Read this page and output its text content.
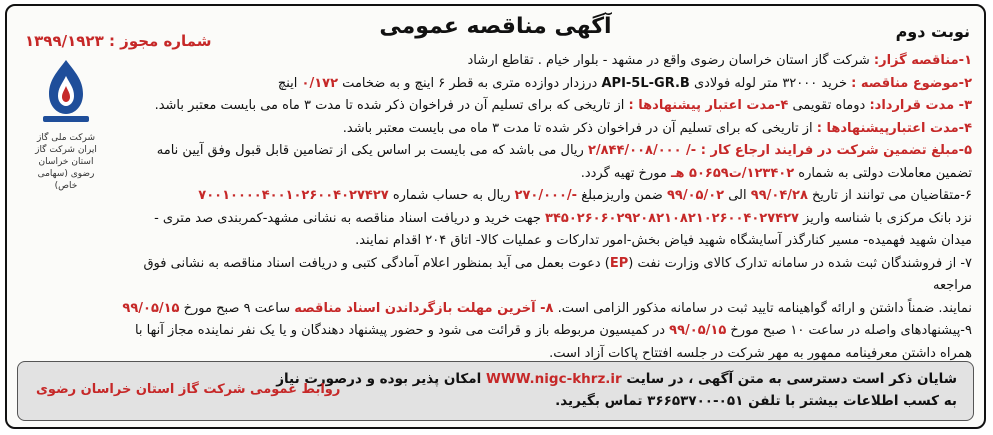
نوبت دوم
آگهی مناقصه عمومی
شماره مجوز : ۱۳۹۹/۱۹۲۳
شرکت ملی گاز ایران شرکت گاز استان خراسان رضوی (سهامی خاص)

۱-مناقصه گزار: شرکت گاز استان خراسان رضوی واقع در مشهد - بلوار خیام . تقاطع ارشاد

۲-موضوع مناقصه : خرید ۳۲۰۰۰ متر لوله فولادی API-5L-GR.B درزدار دوازده متری به قطر ۶ اینچ و به ضخامت ۰/۱۷۲ اینچ

۳- مدت قرارداد: دوماه تقویمی ۴-مدت اعتبار پیشنهادها : از تاریخی که برای تسلیم آن در فراخوان ذکر شده تا مدت ۳ ماه می بایست معتبر باشد.

۴-مدت اعتبارپیشنهادها : از تاریخی که برای تسلیم آن در فراخوان ذکر شده تا مدت ۳ ماه می بایست معتبر باشد.

۵-مبلغ تضمین شرکت در فرایند ارجاع کار : -/ ۲/۸۴۴/۰۰۸/۰۰۰ ریال می باشد که می بایست بر اساس یکی از تضامین قابل قبول وفق آیین نامه

تضمین معاملات دولتی به شماره ۱۲۳۴۰۲/ت۵۰۶۵۹ هـ مورخ تهیه گردد.

۶-متقاضیان می توانند از تاریخ ۹۹/۰۴/۲۸ الی ۹۹/۰۵/۰۲ ضمن واریزمبلغ -/۲۷۰/۰۰۰ ریال به حساب شماره ۷۰۰۱۰۰۰۰۴۰۰۱۰۲۶۰۰۴۰۲۷۴۲۷

نزد بانک مرکزی با شناسه واریز ۳۴۵۰۲۶۰۶۰۲۹۲۰۸۲۱۰۸۲۱۰۲۶۰۰۴۰۲۷۴۲۷ جهت خرید و دریافت اسناد مناقصه به نشانی مشهد-کمربندی صد متری -

میدان شهید فهمیده- مسیر کنارگذر آسایشگاه شهید فیاض بخش-امور تدارکات و عملیات کالا- اتاق ۲۰۴ اقدام نمایند.

۷- از فروشندگان ثبت شده در سامانه تدارک کالای وزارت نفت (EP) دعوت بعمل می آید بمنظور اعلام آمادگی کتبی و دریافت اسناد مناقصه به نشانی فوق مراجعه

نمایند. ضمناً داشتن و ارائه گواهینامه تایید ثبت در سامانه مذکور الزامی است. ۸- آخرین مهلت بازگرداندن اسناد مناقصه ساعت ۹ صبح مورخ ۹۹/۰۵/۱۵

۹-پیشنهادهای واصله در ساعت ۱۰ صبح مورخ ۹۹/۰۵/۱۵ در کمیسیون مربوطه باز و قرائت می شود و حضور پیشنهاد دهندگان و یا یک نفر نماینده مجاز آنها با

همراه داشتن معرفینامه ممهور به مهر شرکت در جلسه افتتاح پاکات آزاد است.

شایان ذکر است دسترسی به متن آگهی ، در سایت WWW.nigc-khrz.ir امکان پذیر بوده و درصورت نیاز
به کسب اطلاعات بیشتر با تلفن ۰۵۱-۳۶۶۵۳۷۰۰ تماس بگیرید.
روابط عمومی شرکت گاز استان خراسان رضوی
